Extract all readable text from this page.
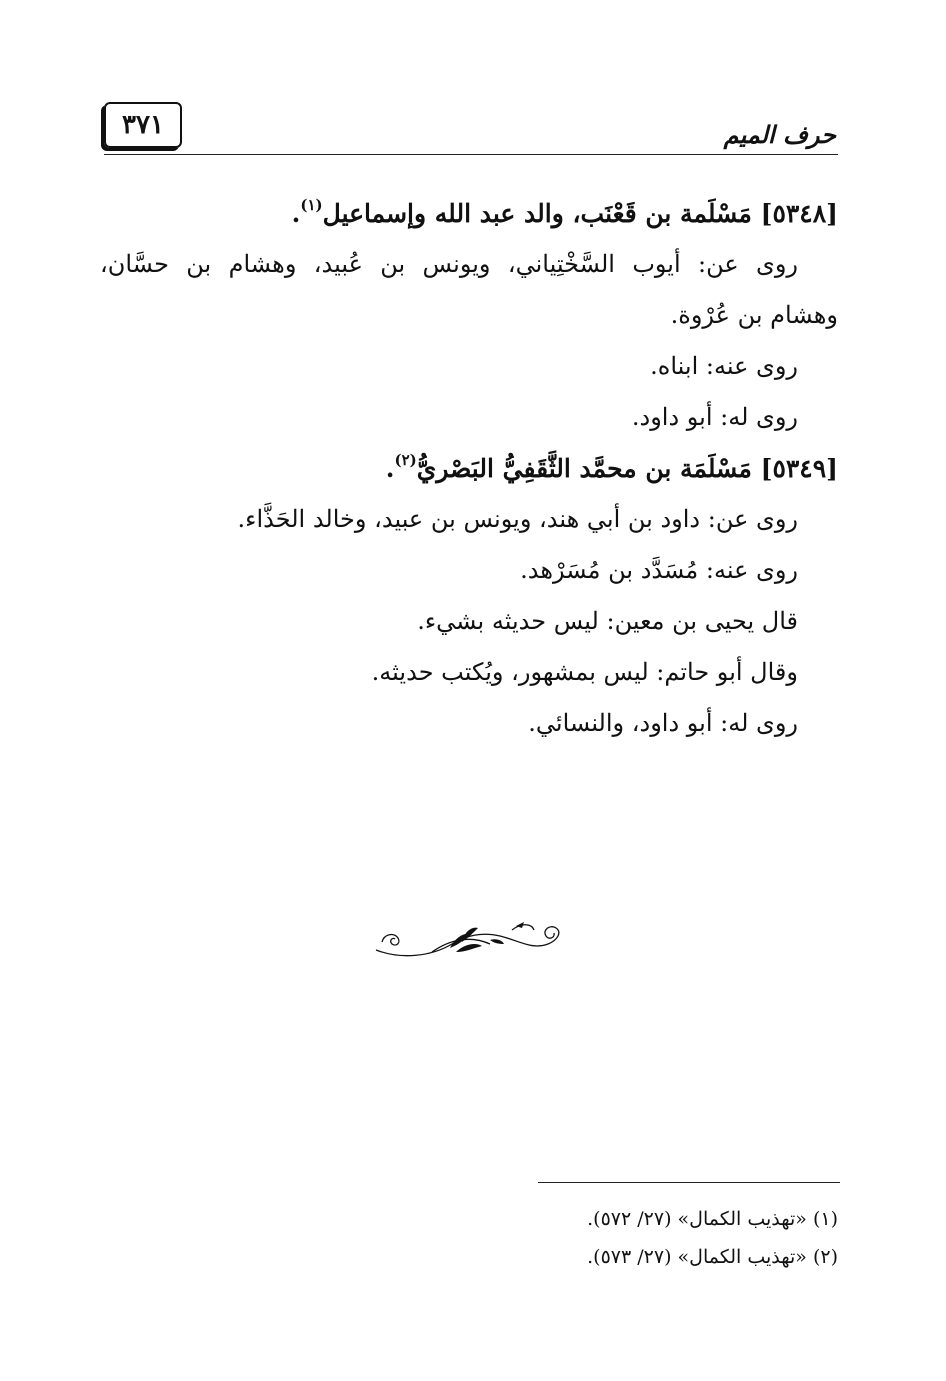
٣٧١	حرف الميم
[٥٣٤٨] مَسْلَمة بن قَعْنَب، والد عبد الله وإسماعيل$^{(١)}$.
روى عن: أيوب السَّخْتِياني، ويونس بن عُبيد، وهشام بن حسَّان،
وهشام بن عُرْوة.
روى عنه: ابناه.
روى له: أبو داود.
[٥٣٤٩] مَسْلَمَة بن محمَّد الثَّقَفِيُّ البَصْريُّ$^{(٢)}$.
روى عن: داود بن أبي هند، ويونس بن عبيد، وخالد الحَذَّاء.
روى عنه: مُسَدَّد بن مُسَرْهد.
قال يحيى بن معين: ليس حديثه بشيء.
وقال أبو حاتم: ليس بمشهور، ويُكتب حديثه.
روى له: أبو داود، والنسائي.
(١) «تهذيب الكمال» (٢٧/ ٥٧٢).
(٢) «تهذيب الكمال» (٢٧/ ٥٧٣).
